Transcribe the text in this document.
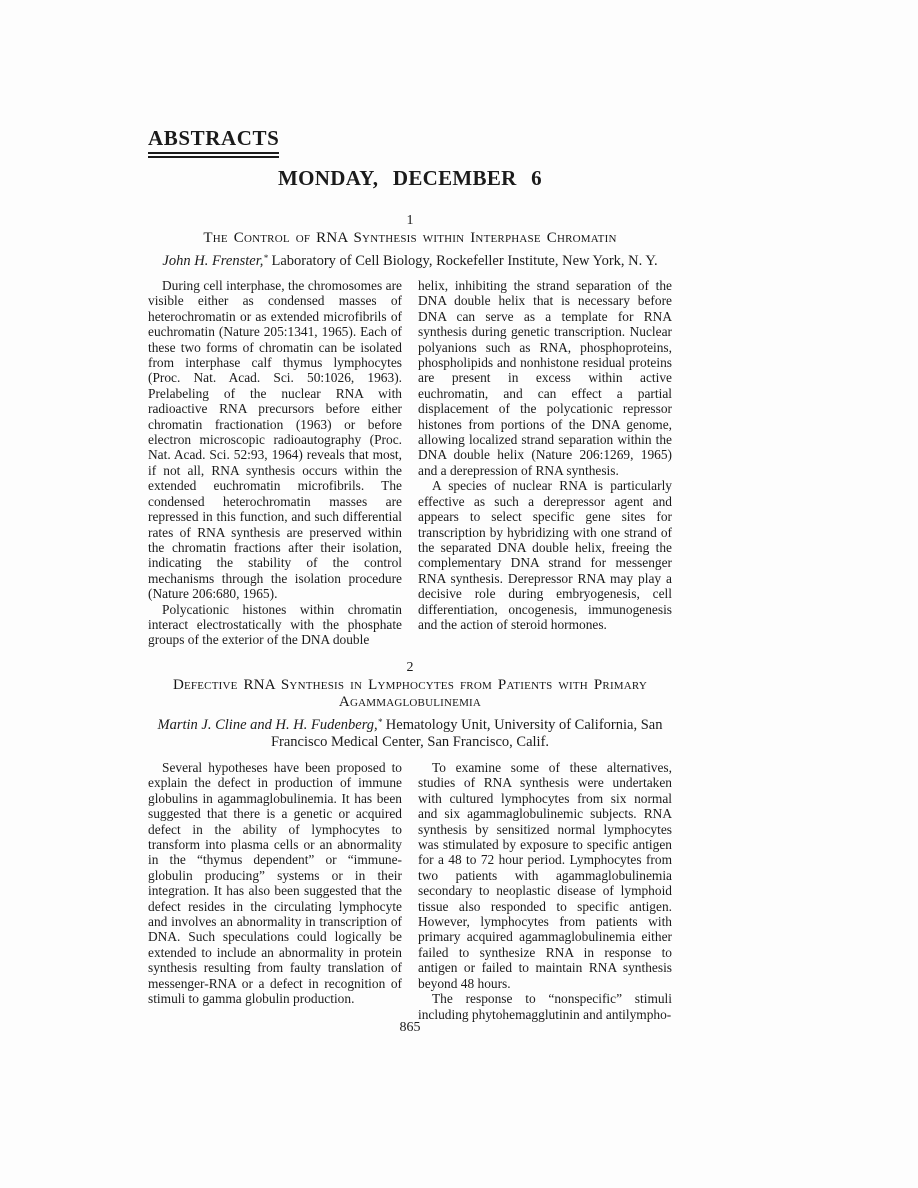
ABSTRACTS
MONDAY, DECEMBER 6
1
The Control of RNA Synthesis within Interphase Chromatin
John H. Frenster,* Laboratory of Cell Biology, Rockefeller Institute, New York, N. Y.

During cell interphase, the chromosomes are visible either as condensed masses of heterochromatin or as extended microfibrils of euchromatin (Nature 205:1341, 1965). Each of these two forms of chromatin can be isolated from interphase calf thymus lymphocytes (Proc. Nat. Acad. Sci. 50:1026, 1963). Prelabeling of the nuclear RNA with radioactive RNA precursors before either chromatin fractionation (1963) or before electron microscopic radioautography (Proc. Nat. Acad. Sci. 52:93, 1964) reveals that most, if not all, RNA synthesis occurs within the extended euchromatin microfibrils. The condensed heterochromatin masses are repressed in this function, and such differential rates of RNA synthesis are preserved within the chromatin fractions after their isolation, indicating the stability of the control mechanisms through the isolation procedure (Nature 206:680, 1965).

Polycationic histones within chromatin interact electrostatically with the phosphate groups of the exterior of the DNA double

helix, inhibiting the strand separation of the DNA double helix that is necessary before DNA can serve as a template for RNA synthesis during genetic transcription. Nuclear polyanions such as RNA, phosphoproteins, phospholipids and nonhistone residual proteins are present in excess within active euchromatin, and can effect a partial displacement of the polycationic repressor histones from portions of the DNA genome, allowing localized strand separation within the DNA double helix (Nature 206:1269, 1965) and a derepression of RNA synthesis.

A species of nuclear RNA is particularly effective as such a derepressor agent and appears to select specific gene sites for transcription by hybridizing with one strand of the separated DNA double helix, freeing the complementary DNA strand for messenger RNA synthesis. Derepressor RNA may play a decisive role during embryogenesis, cell differentiation, oncogenesis, immunogenesis and the action of steroid hormones.

2
Defective RNA Synthesis in Lymphocytes from Patients with Primary Agammaglobulinemia
Martin J. Cline and H. H. Fudenberg,* Hematology Unit, University of California, San Francisco Medical Center, San Francisco, Calif.

Several hypotheses have been proposed to explain the defect in production of immune globulins in agammaglobulinemia. It has been suggested that there is a genetic or acquired defect in the ability of lymphocytes to transform into plasma cells or an abnormality in the “thymus dependent” or “immune-globulin producing” systems or in their integration. It has also been suggested that the defect resides in the circulating lymphocyte and involves an abnormality in transcription of DNA. Such speculations could logically be extended to include an abnormality in protein synthesis resulting from faulty translation of messenger-RNA or a defect in recognition of stimuli to gamma globulin production.

To examine some of these alternatives, studies of RNA synthesis were undertaken with cultured lymphocytes from six normal and six agammaglobulinemic subjects. RNA synthesis by sensitized normal lymphocytes was stimulated by exposure to specific antigen for a 48 to 72 hour period. Lymphocytes from two patients with agammaglobulinemia secondary to neoplastic disease of lymphoid tissue also responded to specific antigen. However, lymphocytes from patients with primary acquired agammaglobulinemia either failed to synthesize RNA in response to antigen or failed to maintain RNA synthesis beyond 48 hours.

The response to “nonspecific” stimuli including phytohemagglutinin and antilympho-

865
